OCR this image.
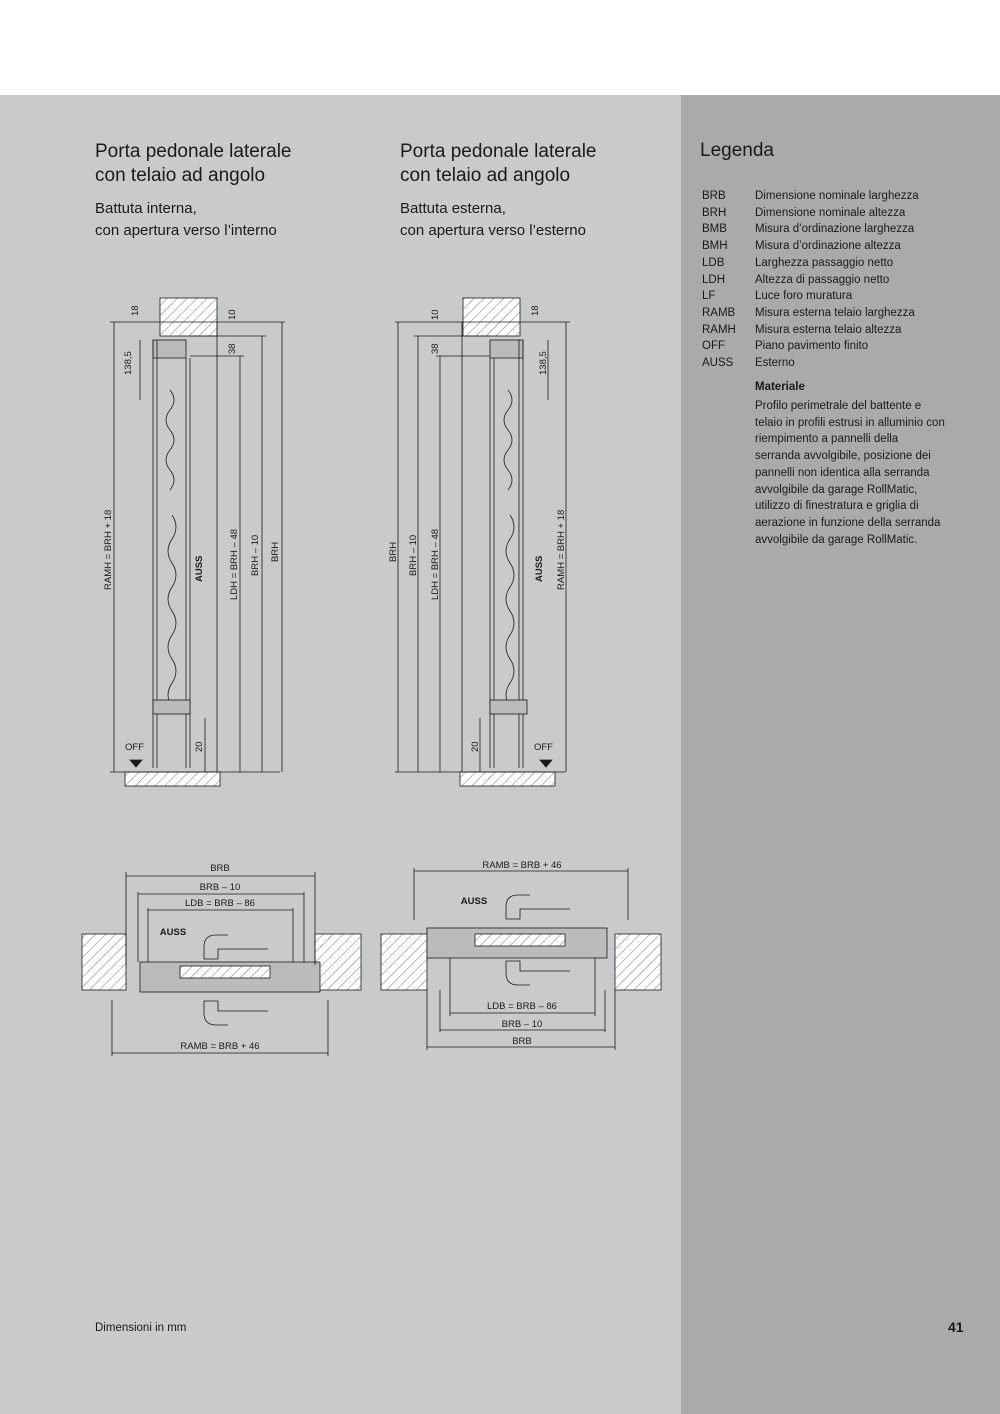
Porta pedonale laterale
con telaio ad angolo
Battuta interna,
con apertura verso l’interno
Porta pedonale laterale
con telaio ad angolo
Battuta esterna,
con apertura verso l’esterno
Legenda
BRB	Dimensione nominale larghezza
BRH	Dimensione nominale altezza
BMB	Misura d’ordinazione larghezza
BMH	Misura d’ordinazione altezza
LDB	Larghezza passaggio netto
LDH	Altezza di passaggio netto
LF	Luce foro muratura
RAMB	Misura esterna telaio larghezza
RAMH	Misura esterna telaio altezza
OFF	Piano pavimento finito
AUSS	Esterno
Materiale
Profilo perimetrale del battente e telaio in profili estrusi in alluminio con riempimento a pannelli della serranda avvolgibile, posizione dei pannelli non identica alla serranda avvolgibile da garage RollMatic, utilizzo di finestratura e griglia di aerazione in funzione della serranda avvolgibile da garage RollMatic.
Dimensioni in mm	41
18	10
38
138,5
RAMH = BRH + 18	AUSS	LDH = BRH – 48 BRH – 10 BRH
20
OFF
10	18
38
138,5
BRH BRH – 10 LDH = BRH – 48	AUSS RAMH = BRH + 18
20	OFF
BRB
BRB – 10
LDB = BRB – 86
AUSS
RAMB = BRB + 46
RAMB = BRB + 46
AUSS
LDB = BRB – 86
BRB – 10
BRB
